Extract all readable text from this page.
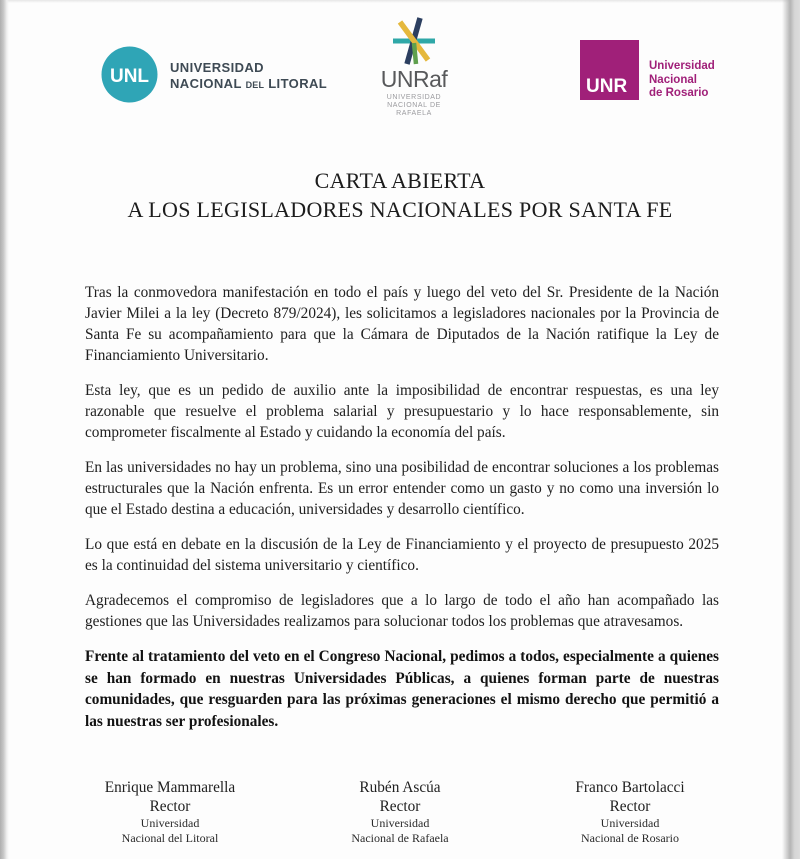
UNL UNIVERSIDAD
NACIONAL DEL LITORAL	UNRaf
UNIVERSIDAD
NACIONAL DE
RAFAELA
UNR
Universidad
Nacional
de Rosario
CARTA ABIERTA
A LOS LEGISLADORES NACIONALES POR SANTA FE

Tras la conmovedora manifestación en todo el país y luego del veto del Sr. Presidente de la Nación Javier Milei a la ley (Decreto 879/2024), les solicitamos a legisladores nacionales por la Provincia de Santa Fe su acompañamiento para que la Cámara de Diputados de la Nación ratifique la Ley de Financiamiento Universitario.

Esta ley, que es un pedido de auxilio ante la imposibilidad de encontrar respuestas, es una ley razonable que resuelve el problema salarial y presupuestario y lo hace responsablemente, sin comprometer fiscalmente al Estado y cuidando la economía del país.

En las universidades no hay un problema, sino una posibilidad de encontrar soluciones a los problemas estructurales que la Nación enfrenta. Es un error entender como un gasto y no como una inversión lo que el Estado destina a educación, universidades y desarrollo científico.

Lo que está en debate en la discusión de la Ley de Financiamiento y el proyecto de presupuesto 2025 es la continuidad del sistema universitario y científico.

Agradecemos el compromiso de legisladores que a lo largo de todo el año han acompañado las gestiones que las Universidades realizamos para solucionar todos los problemas que atravesamos.

Frente al tratamiento del veto en el Congreso Nacional, pedimos a todos, especialmente a quienes se han formado en nuestras Universidades Públicas, a quienes forman parte de nuestras comunidades, que resguarden para las próximas generaciones el mismo derecho que permitió a las nuestras ser profesionales.

Enrique Mammarella
Rector
Universidad
Nacional del Litoral
Rubén Ascúa
Rector
Universidad
Nacional de Rafaela
Franco Bartolacci
Rector
Universidad
Nacional de Rosario
